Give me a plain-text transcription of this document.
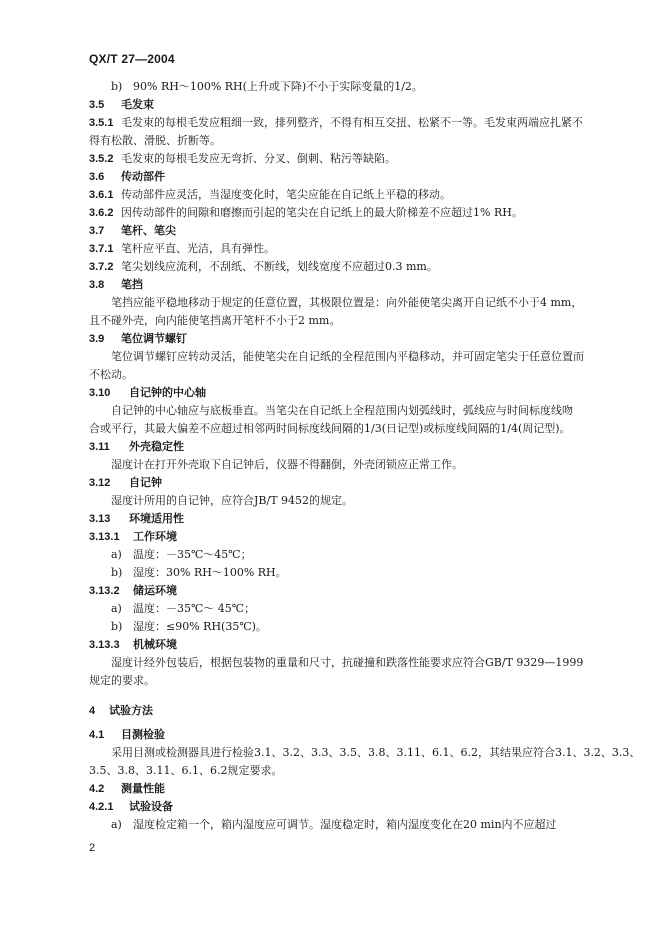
QX/T 27—2004
b) 90% RH～100% RH(上升或下降)不小于实际变量的1/2。
3.5 毛发束
3.5.1 毛发束的每根毛发应粗细一致，排列整齐，不得有相互交扭、松紧不一等。毛发束两端应扎紧不
得有松散、滑脱、折断等。
3.5.2 毛发束的每根毛发应无弯折、分叉、倒刺、粘污等缺陷。
3.6 传动部件
3.6.1 传动部件应灵活，当湿度变化时，笔尖应能在自记纸上平稳的移动。
3.6.2 因传动部件的间隙和磨擦而引起的笔尖在自记纸上的最大阶梯差不应超过1% RH。
3.7 笔杆、笔尖
3.7.1 笔杆应平直、光洁，具有弹性。
3.7.2 笔尖划线应流利，不刮纸、不断线，划线宽度不应超过0.3 mm。
3.8 笔挡
笔挡应能平稳地移动于规定的任意位置，其极限位置是：向外能使笔尖离开自记纸不小于4 mm，
且不碰外壳，向内能使笔挡离开笔杆不小于2 mm。
3.9 笔位调节螺钉
笔位调节螺钉应转动灵活，能使笔尖在自记纸的全程范围内平稳移动，并可固定笔尖于任意位置而
不松动。
3.10 自记钟的中心轴
自记钟的中心轴应与底板垂直。当笔尖在自记纸上全程范围内划弧线时，弧线应与时间标度线吻
合或平行，其最大偏差不应超过相邻两时间标度线间隔的1/3(日记型)或标度线间隔的1/4(周记型)。
3.11 外壳稳定性
湿度计在打开外壳取下自记钟后，仪器不得翻倒，外壳闭锁应正常工作。
3.12 自记钟
湿度计所用的自记钟，应符合JB/T 9452的规定。
3.13 环境适用性
3.13.1 工作环境
a) 温度：－35℃～45℃；
b) 湿度：30% RH～100% RH。
3.13.2 储运环境
a) 温度：－35℃～ 45℃；
b) 湿度：≤90% RH(35℃)。
3.13.3 机械环境
湿度计经外包装后，根据包装物的重量和尺寸，抗碰撞和跌落性能要求应符合GB/T 9329—1999
规定的要求。
4 试验方法
4.1 目测检验
采用目测或检测器具进行检验3.1、3.2、3.3、3.5、3.8、3.11、6.1、6.2，其结果应符合3.1、3.2、3.3、
3.5、3.8、3.11、6.1、6.2规定要求。
4.2 测量性能
4.2.1 试验设备
a) 湿度检定箱一个，箱内湿度应可调节。湿度稳定时，箱内湿度变化在20 min内不应超过
2
